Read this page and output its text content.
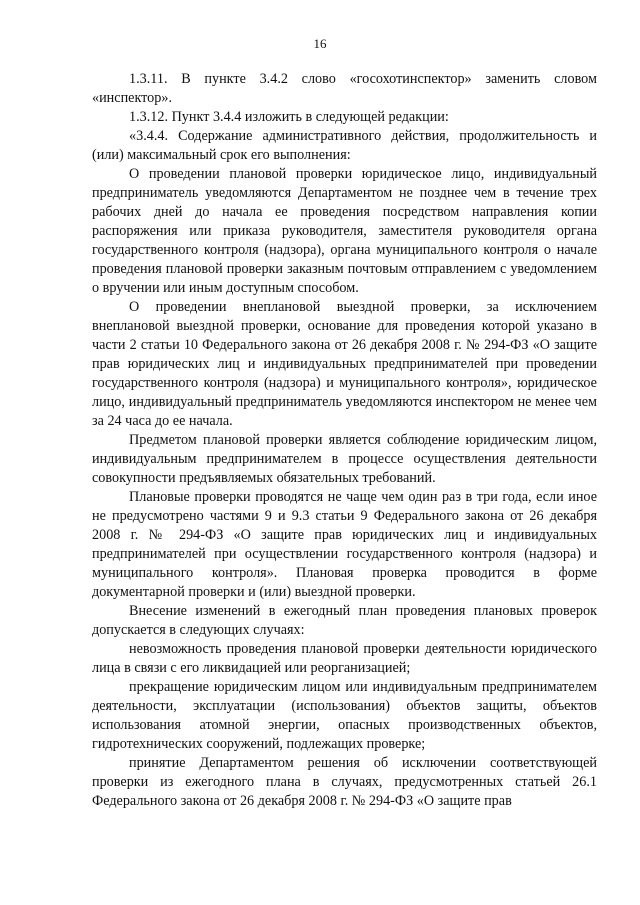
16

1.3.11. В пункте 3.4.2 слово «госохотинспектор» заменить словом «инспектор».

1.3.12. Пункт 3.4.4 изложить в следующей редакции:

«3.4.4. Содержание административного действия, продолжительность и (или) максимальный срок его выполнения:

О проведении плановой проверки юридическое лицо, индивидуальный предприниматель уведомляются Департаментом не позднее чем в течение трех рабочих дней до начала ее проведения посредством направления копии распоряжения или приказа руководителя, заместителя руководителя органа государственного контроля (надзора), органа муниципального контроля о начале проведения плановой проверки заказным почтовым отправлением с уведомлением о вручении или иным доступным способом.

О проведении внеплановой выездной проверки, за исключением внеплановой выездной проверки, основание для проведения которой указано в части 2 статьи 10 Федерального закона от 26 декабря 2008 г. № 294-ФЗ «О защите прав юридических лиц и индивидуальных предпринимателей при проведении государственного контроля (надзора) и муниципального контроля», юридическое лицо, индивидуальный предприниматель уведомляются инспектором не менее чем за 24 часа до ее начала.

Предметом плановой проверки является соблюдение юридическим лицом, индивидуальным предпринимателем в процессе осуществления деятельности совокупности предъявляемых обязательных требований.

Плановые проверки проводятся не чаще чем один раз в три года, если иное не предусмотрено частями 9 и 9.3 статьи 9 Федерального закона от 26 декабря 2008 г. № 294-ФЗ «О защите прав юридических лиц и индивидуальных предпринимателей при осуществлении государственного контроля (надзора) и муниципального контроля». Плановая проверка проводится в форме документарной проверки и (или) выездной проверки.

Внесение изменений в ежегодный план проведения плановых проверок допускается в следующих случаях:

невозможность проведения плановой проверки деятельности юридического лица в связи с его ликвидацией или реорганизацией;

прекращение юридическим лицом или индивидуальным предпринимателем деятельности, эксплуатации (использования) объектов защиты, объектов использования атомной энергии, опасных производственных объектов, гидротехнических сооружений, подлежащих проверке;

принятие Департаментом решения об исключении соответствующей проверки из ежегодного плана в случаях, предусмотренных статьей 26.1 Федерального закона от 26 декабря 2008 г. № 294-ФЗ «О защите прав
